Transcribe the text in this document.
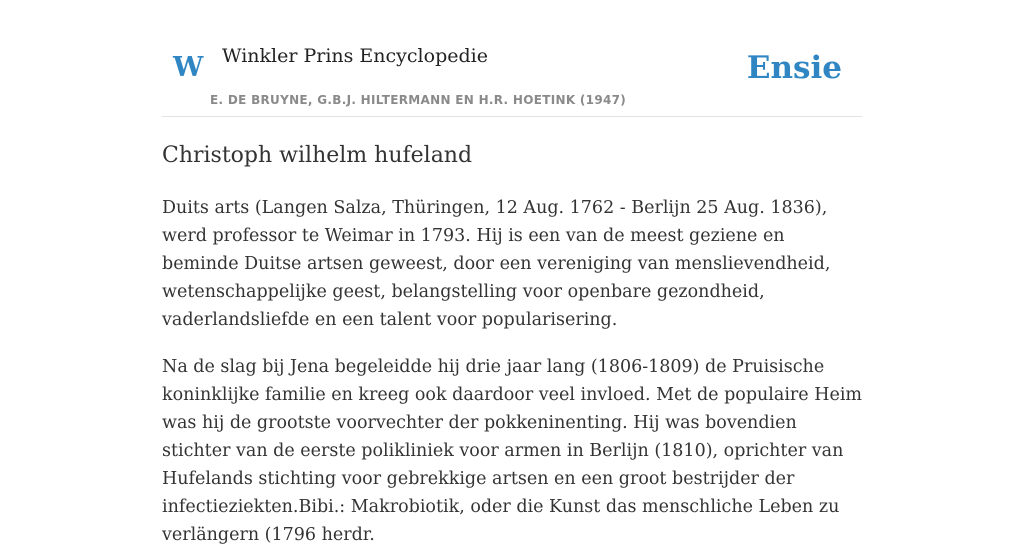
W Winkler Prins Encyclopedie
E. DE BRUYNE, G.B.J. HILTERMANN EN H.R. HOETINK (1947)
Ensie
Christoph wilhelm hufeland

Duits arts (Langen Salza, Thüringen, 12 Aug. 1762 - Berlijn 25 Aug. 1836), werd professor te Weimar in 1793. Hij is een van de meest geziene en beminde Duitse artsen geweest, door een vereniging van menslievendheid, wetenschappelijke geest, belangstelling voor openbare gezondheid, vaderlandsliefde en een talent voor popularisering.

Na de slag bij Jena begeleidde hij drie jaar lang (1806-1809) de Pruisische koninklijke familie en kreeg ook daardoor veel invloed. Met de populaire Heim was hij de grootste voorvechter der pokkeninenting. Hij was bovendien stichter van de eerste polikliniek voor armen in Berlijn (1810), oprichter van Hufelands stichting voor gebrekkige artsen en een groot bestrijder der infectieziekten.Bibi.: Makrobiotik, oder die Kunst das menschliche Leben zu verlängern (1796 herdr.
